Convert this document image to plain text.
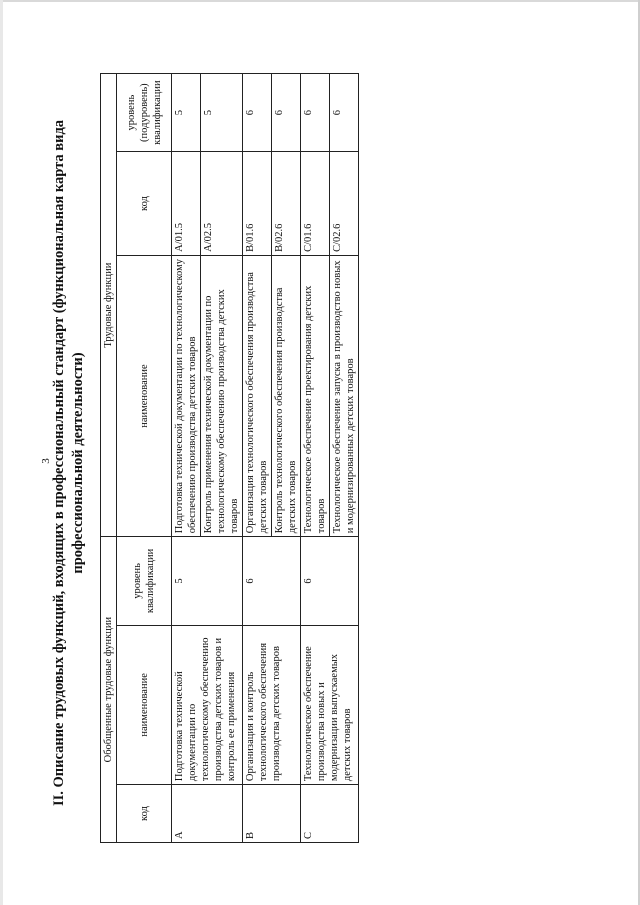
3 II. Описание трудовых функций, входящих в профессиональный стандарт (функциональная карта вида профессиональной деятельности)
Обобщенные трудовые функции			Трудовые функции		
код	наименование	уровень квалификации	наименование	код	уровень (подуровень) квалификации
A	Подготовка технической документации по технологическому обеспечению производства детских товаров и контроль ее применения	5	Подготовка технической документации по технологическому обеспечению производства детских товаров	A/01.5	5
			Контроль применения технической документации по технологическому обеспечению производства детских товаров	A/02.5	5
B	Организация и контроль технологического обеспечения производства детских товаров	6	Организация технологического обеспечения производства детских товаров	B/01.6	6
			Контроль технологического обеспечения производства детских товаров	B/02.6	6
C	Технологическое обеспечение производства новых и модернизации выпускаемых детских товаров	6	Технологическое обеспечение проектирования детских товаров	C/01.6	6
			Технологическое обеспечение запуска в производство новых и модернизированных детских товаров	C/02.6	6
